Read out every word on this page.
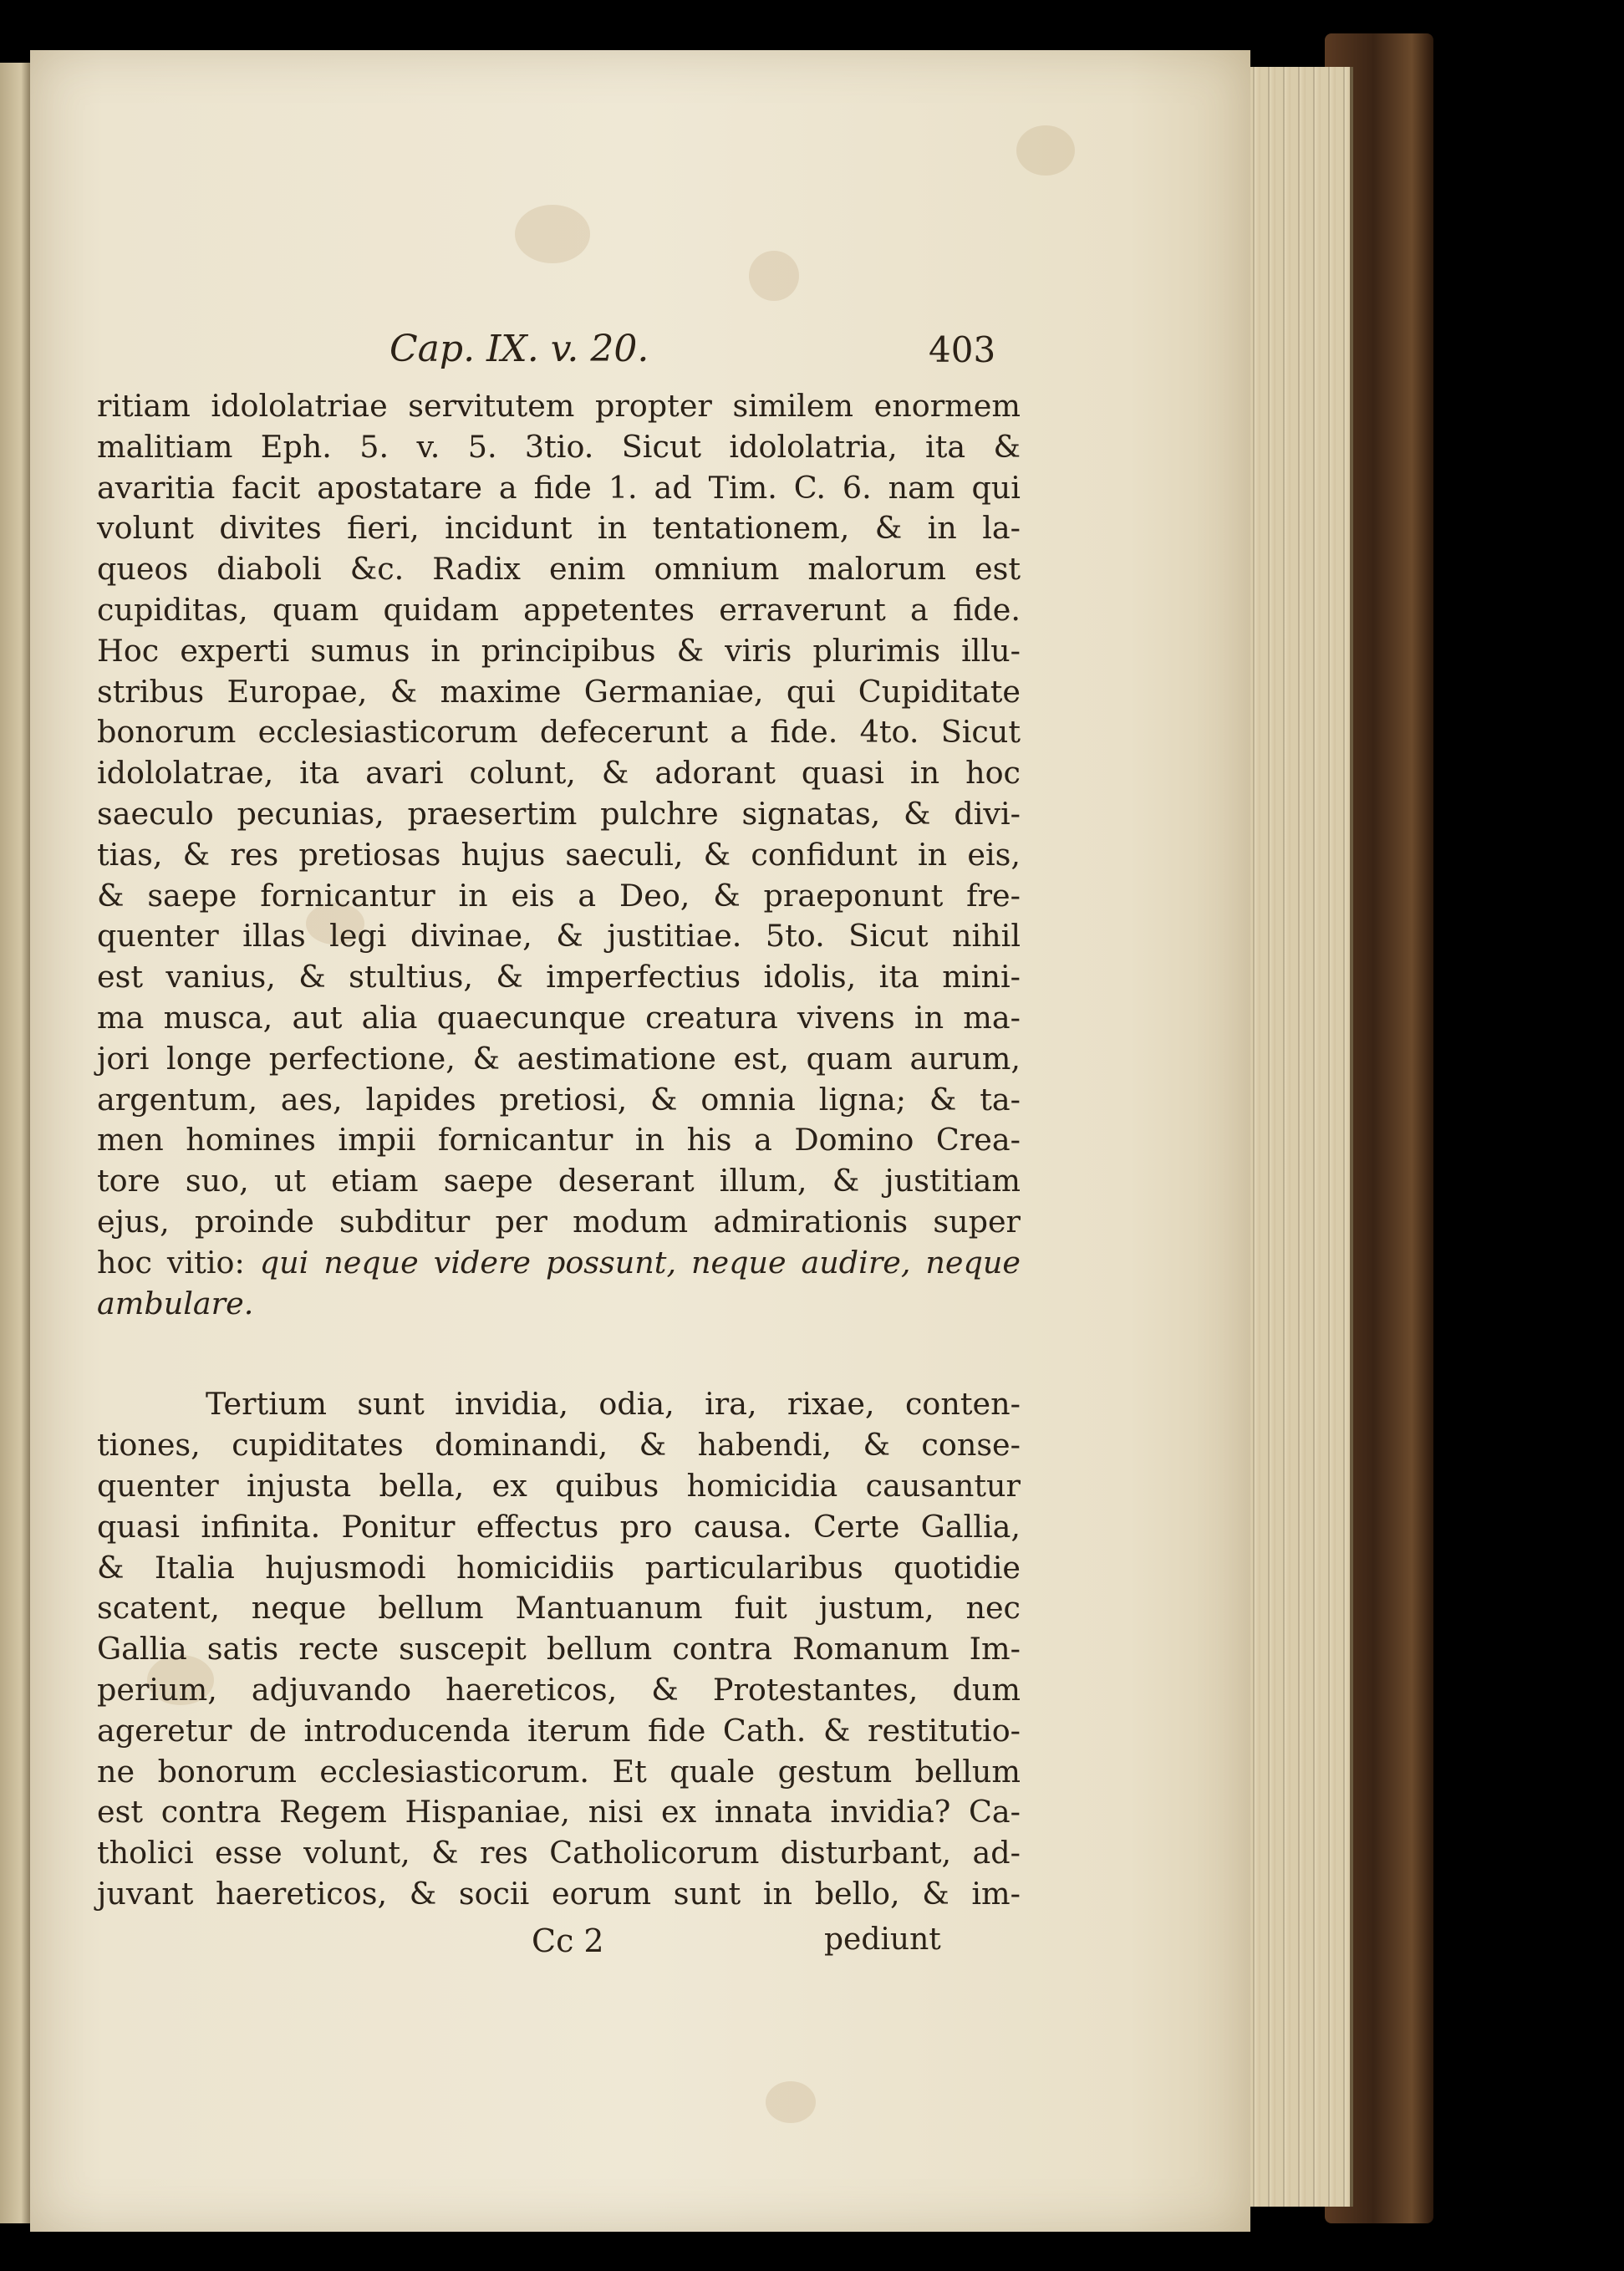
Cap. IX. v. 20.	403
ritiam idololatriae servitutem propter similem enormem
malitiam Eph. 5. v. 5. 3tio. Sicut idololatria, ita &
avaritia facit apostatare a fide 1. ad Tim. C. 6. nam qui
volunt divites fieri, incidunt in tentationem, & in la-
queos diaboli &c. Radix enim omnium malorum est
cupiditas, quam quidam appetentes erraverunt a fide.
Hoc experti sumus in principibus & viris plurimis illu-
stribus Europae, & maxime Germaniae, qui Cupiditate
bonorum ecclesiasticorum defecerunt a fide. 4to. Sicut
idololatrae, ita avari colunt, & adorant quasi in hoc
saeculo pecunias, praesertim pulchre signatas, & divi-
tias, & res pretiosas hujus saeculi, & confidunt in eis,
& saepe fornicantur in eis a Deo, & praeponunt fre-
quenter illas legi divinae, & justitiae. 5to. Sicut nihil
est vanius, & stultius, & imperfectius idolis, ita mini-
ma musca, aut alia quaecunque creatura vivens in ma-
jori longe perfectione, & aestimatione est, quam aurum,
argentum, aes, lapides pretiosi, & omnia ligna; & ta-
men homines impii fornicantur in his a Domino Crea-
tore suo, ut etiam saepe deserant illum, & justitiam
ejus, proinde subditur per modum admirationis super
hoc vitio: qui neque videre possunt, neque audire, neque
ambulare.
Tertium sunt invidia, odia, ira, rixae, conten-
tiones, cupiditates dominandi, & habendi, & conse-
quenter injusta bella, ex quibus homicidia causantur
quasi infinita. Ponitur effectus pro causa. Certe Gallia,
& Italia hujusmodi homicidiis particularibus quotidie
scatent, neque bellum Mantuanum fuit justum, nec
Gallia satis recte suscepit bellum contra Romanum Im-
perium, adjuvando haereticos, & Protestantes, dum
ageretur de introducenda iterum fide Cath. & restitutio-
ne bonorum ecclesiasticorum. Et quale gestum bellum
est contra Regem Hispaniae, nisi ex innata invidia? Ca-
tholici esse volunt, & res Catholicorum disturbant, ad-
juvant haereticos, & socii eorum sunt in bello, & im-
Cc 2	pediunt
